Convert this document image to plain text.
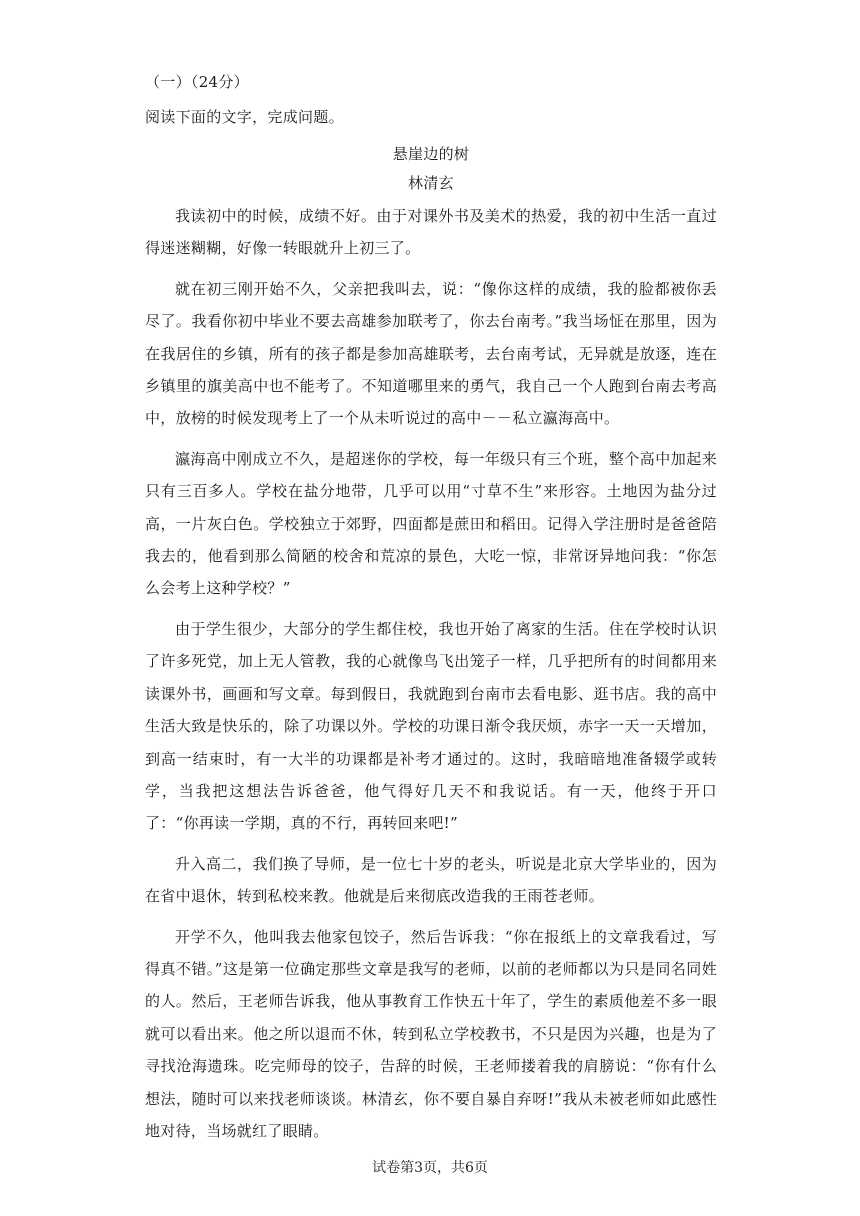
（一）（24分）
阅读下面的文字，完成问题。
悬崖边的树
林清玄

我读初中的时候，成绩不好。由于对课外书及美术的热爱，我的初中生活一直过得迷迷糊糊，好像一转眼就升上初三了。

就在初三刚开始不久，父亲把我叫去，说：“像你这样的成绩，我的脸都被你丢尽了。我看你初中毕业不要去高雄参加联考了，你去台南考。”我当场怔在那里，因为在我居住的乡镇，所有的孩子都是参加高雄联考，去台南考试，无异就是放逐，连在乡镇里的旗美高中也不能考了。不知道哪里来的勇气，我自己一个人跑到台南去考高中，放榜的时候发现考上了一个从未听说过的高中－－私立瀛海高中。

瀛海高中刚成立不久，是超迷你的学校，每一年级只有三个班，整个高中加起来只有三百多人。学校在盐分地带，几乎可以用“寸草不生”来形容。土地因为盐分过高，一片灰白色。学校独立于郊野，四面都是蔗田和稻田。记得入学注册时是爸爸陪我去的，他看到那么简陋的校舍和荒凉的景色，大吃一惊，非常讶异地问我：“你怎么会考上这种学校？”

由于学生很少，大部分的学生都住校，我也开始了离家的生活。住在学校时认识了许多死党，加上无人管教，我的心就像鸟飞出笼子一样，几乎把所有的时间都用来读课外书，画画和写文章。每到假日，我就跑到台南市去看电影、逛书店。我的高中生活大致是快乐的，除了功课以外。学校的功课日渐令我厌烦，赤字一天一天增加，到高一结束时，有一大半的功课都是补考才通过的。这时，我暗暗地准备辍学或转学，当我把这想法告诉爸爸，他气得好几天不和我说话。有一天，他终于开口了：“你再读一学期，真的不行，再转回来吧!”

升入高二，我们换了导师，是一位七十岁的老头，听说是北京大学毕业的，因为在省中退休，转到私校来教。他就是后来彻底改造我的王雨苍老师。

开学不久，他叫我去他家包饺子，然后告诉我：“你在报纸上的文章我看过，写得真不错。”这是第一位确定那些文章是我写的老师，以前的老师都以为只是同名同姓的人。然后，王老师告诉我，他从事教育工作快五十年了，学生的素质他差不多一眼就可以看出来。他之所以退而不休，转到私立学校教书，不只是因为兴趣，也是为了寻找沧海遗珠。吃完师母的饺子，告辞的时候，王老师搂着我的肩膀说：“你有什么想法，随时可以来找老师谈谈。林清玄，你不要自暴自弃呀!”我从未被老师如此感性地对待，当场就红了眼睛。

试卷第3页，共6页
